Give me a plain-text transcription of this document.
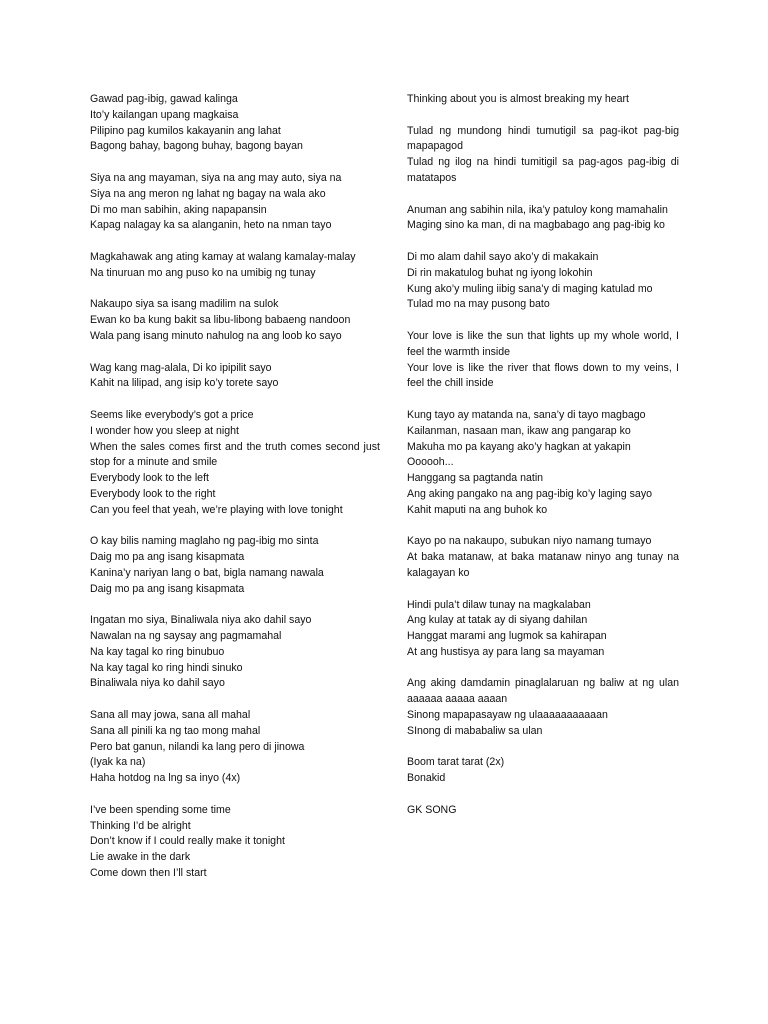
Gawad pag-ibig, gawad kalinga
Ito’y kailangan upang magkaisa
Pilipino pag kumilos kakayanin ang lahat
Bagong bahay, bagong buhay, bagong bayan
Siya na ang mayaman, siya na ang may auto, siya na
Siya na ang meron ng lahat ng bagay na wala ako
Di mo man sabihin, aking napapansin
Kapag nalagay ka sa alanganin, heto na nman tayo
Magkahawak ang ating kamay at walang kamalay-malay
Na tinuruan mo ang puso ko na umibig ng tunay
Nakaupo siya sa isang madilim na sulok
Ewan ko ba kung bakit sa libu-libong babaeng nandoon
Wala pang isang minuto nahulog na ang loob ko sayo
Wag kang mag-alala, Di ko ipipilit sayo
Kahit na lilipad, ang isip ko’y torete sayo
Seems like everybody’s got a price
I wonder how you sleep at night
When the sales comes first and the truth comes second just stop for a minute and smile
Everybody look to the left
Everybody look to the right
Can you feel that yeah, we’re playing with love tonight
O kay bilis naming maglaho ng pag-ibig mo sinta
Daig mo pa ang isang kisapmata
Kanina’y nariyan lang o bat, bigla namang nawala
Daig mo pa ang isang kisapmata
Ingatan mo siya, Binaliwala niya ako dahil sayo
Nawalan na ng saysay ang pagmamahal
Na kay tagal ko ring binubuo
Na kay tagal ko ring hindi sinuko
Binaliwala niya ko dahil sayo
Sana all may jowa, sana all mahal
Sana all pinili ka ng tao mong mahal
Pero bat ganun, nilandi ka lang pero di jinowa
(Iyak ka na)
Haha hotdog na lng sa inyo (4x)
I’ve been spending some time
Thinking I’d be alright
Don’t know if I could really make it tonight
Lie awake in the dark
Come down then I’ll start
Thinking about you is almost breaking my heart
Tulad ng mundong hindi tumutigil sa pag-ikot pag-big mapapagod
Tulad ng ilog na hindi tumitigil sa pag-agos pag-ibig di matatapos
Anuman ang sabihin nila, ika’y patuloy kong mamahalin
Maging sino ka man, di na magbabago ang pag-ibig ko
Di mo alam dahil sayo ako’y di makakain
Di rin makatulog buhat ng iyong lokohin
Kung ako’y muling iibig sana’y di maging katulad mo
Tulad mo na may pusong bato
Your love is like the sun that lights up my whole world, I feel the warmth inside
Your love is like the river that flows down to my veins, I feel the chill inside
Kung tayo ay matanda na, sana’y di tayo magbago
Kailanman, nasaan man, ikaw ang pangarap ko
Makuha mo pa kayang ako’y hagkan at yakapin
Oooooh...
Hanggang sa pagtanda natin
Ang aking pangako na ang pag-ibig ko’y laging sayo
Kahit maputi na ang buhok ko
Kayo po na nakaupo, subukan niyo namang tumayo
At baka matanaw, at baka matanaw ninyo ang tunay na kalagayan ko
Hindi pula’t dilaw tunay na magkalaban
Ang kulay at tatak ay di siyang dahilan
Hanggat marami ang lugmok sa kahirapan
At ang hustisya ay para lang sa mayaman
Ang aking damdamin pinaglalaruan ng baliw at ng ulan aaaaaa aaaaa aaaan
Sinong mapapasayaw ng ulaaaaaaaaaaan
SInong di mababaliw sa ulan
Boom tarat tarat (2x)
Bonakid
GK SONG
